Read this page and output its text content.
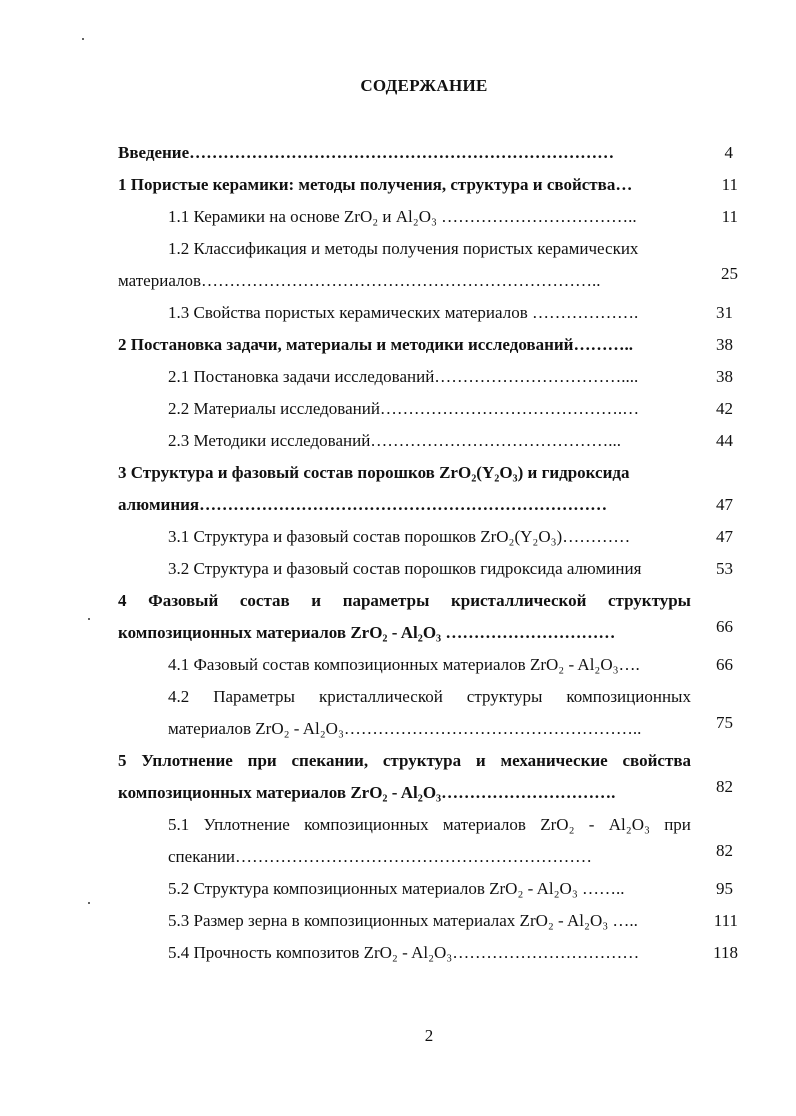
СОДЕРЖАНИЕ
Введение…………………………………………………………………	4
1 Пористые керамики: методы получения, структура и свойства…	11
1.1 Керамики на основе ZrO₂ и Al₂O₃ ……………………………..	11
1.2 Классификация и методы получения пористых керамических
материалов……………………………………………………………..	25
1.3 Свойства пористых керамических материалов ……………….	31
2 Постановка задачи, материалы и методики исследований………..	38
2.1 Постановка задачи исследований……………………………....	38
2.2 Материалы исследований…………………………………….…	42
2.3 Методики исследований……………………………………...	44
3 Структура и фазовый состав порошков ZrO₂(Y₂O₃) и гидроксида
алюминия………………………………………………………………	47
3.1 Структура и фазовый состав порошков ZrO₂(Y₂O₃)…………	47
3.2 Структура и фазовый состав порошков гидроксида алюминия	53
4 Фазовый состав и параметры кристаллической структуры
композиционных материалов ZrO₂ - Al₂O₃ …………………………	66
4.1 Фазовый состав композиционных материалов ZrO₂ - Al₂O₃….	66
4.2 Параметры кристаллической структуры композиционных
материалов ZrO₂ - Al₂O₃……………………………………………..	75
5 Уплотнение при спекании, структура и механические свойства
композиционных материалов ZrO₂ - Al₂O₃………………………….	82
5.1 Уплотнение композиционных материалов ZrO₂ - Al₂O₃ при
спекании………………………………………………………	82
5.2 Структура композиционных материалов ZrO₂ - Al₂O₃ ……..	95
5.3 Размер зерна в композиционных материалах ZrO₂ - Al₂O₃ …..	111
5.4 Прочность композитов ZrO₂ - Al₂O₃……………………………	118
2
